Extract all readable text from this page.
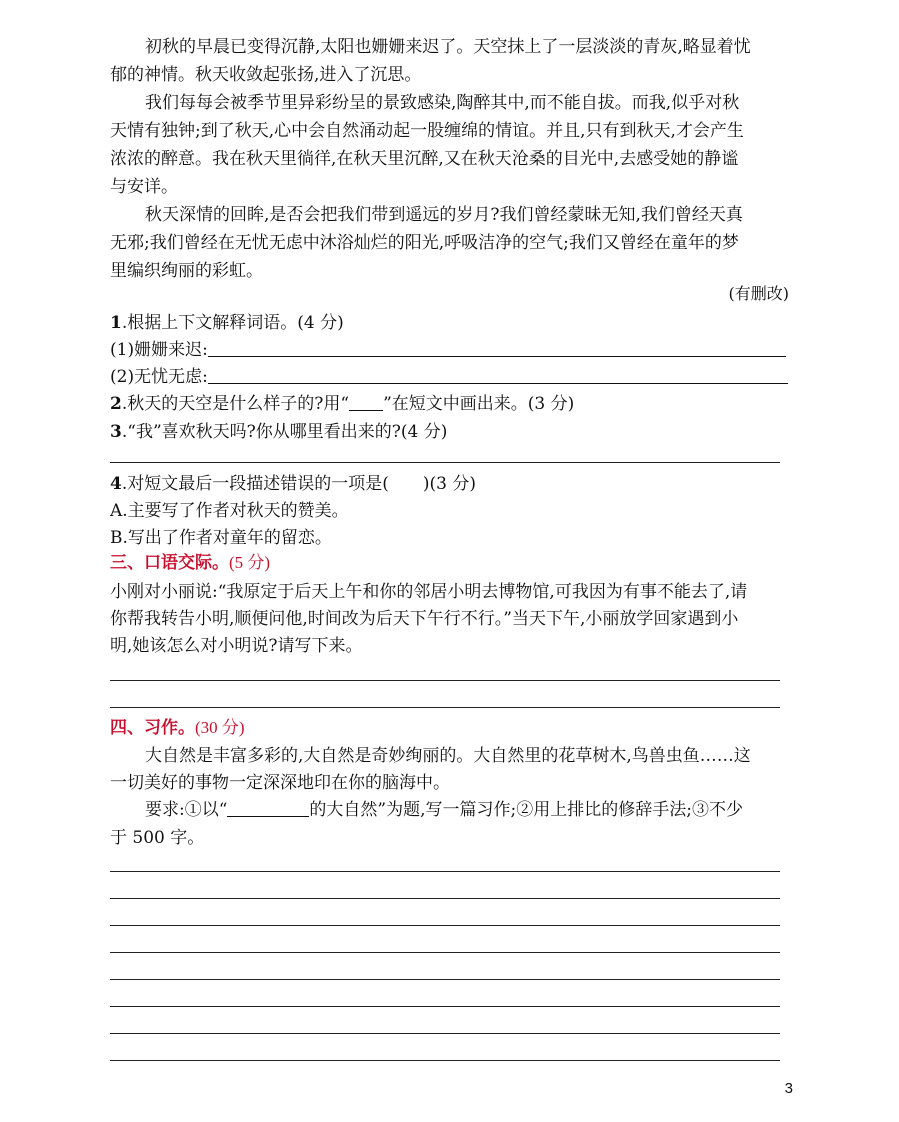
初秋的早晨已变得沉静,太阳也姗姗来迟了。天空抹上了一层淡淡的青灰,略显着忧
郁的神情。秋天收敛起张扬,进入了沉思。
我们每每会被季节里异彩纷呈的景致感染,陶醉其中,而不能自拔。而我,似乎对秋
天情有独钟;到了秋天,心中会自然涌动起一股缠绵的情谊。并且,只有到秋天,才会产生
浓浓的醉意。我在秋天里徜徉,在秋天里沉醉,又在秋天沧桑的目光中,去感受她的静谧
与安详。
秋天深情的回眸,是否会把我们带到遥远的岁月?我们曾经蒙昧无知,我们曾经天真
无邪;我们曾经在无忧无虑中沐浴灿烂的阳光,呼吸洁净的空气;我们又曾经在童年的梦
里编织绚丽的彩虹。
(有删改)
1.根据上下文解释词语。(4 分)
(1)姗姗来迟:
(2)无忧无虑:
2.秋天的天空是什么样子的?用“ ”在短文中画出来。(3 分)
3.“我”喜欢秋天吗?你从哪里看出来的?(4 分)
4.对短文最后一段描述错误的一项是(　　)(3 分)
A.主要写了作者对秋天的赞美。
B.写出了作者对童年的留恋。
三、口语交际。(5 分)
小刚对小丽说:“我原定于后天上午和你的邻居小明去博物馆,可我因为有事不能去了,请
你帮我转告小明,顺便问他,时间改为后天下午行不行。”当天下午,小丽放学回家遇到小
明,她该怎么对小明说?请写下来。
四、习作。(30 分)
大自然是丰富多彩的,大自然是奇妙绚丽的。大自然里的花草树木,鸟兽虫鱼……这
一切美好的事物一定深深地印在你的脑海中。
要求:①以“	的大自然”为题,写一篇习作;②用上排比的修辞手法;③不少
于 500 字。
3
